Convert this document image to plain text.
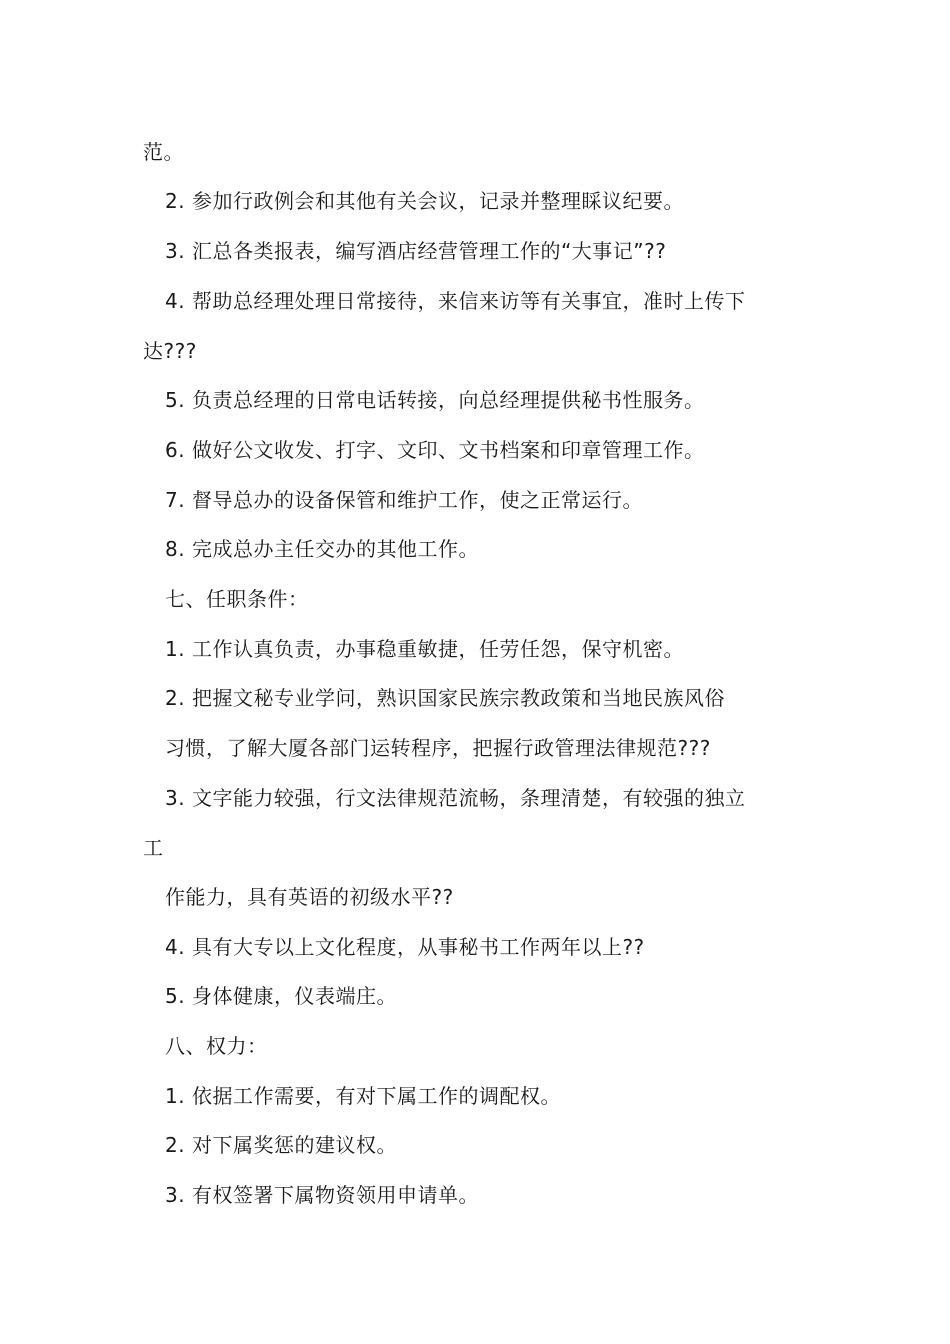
范。
2. 参加行政例会和其他有关会议，记录并整理睬议纪要。
3. 汇总各类报表，编写酒店经营管理工作的“大事记”??
4. 帮助总经理处理日常接待，来信来访等有关事宜，准时上传下
达???
5. 负责总经理的日常电话转接，向总经理提供秘书性服务。
6. 做好公文收发、打字、文印、文书档案和印章管理工作。
7. 督导总办的设备保管和维护工作，使之正常运行。
8. 完成总办主任交办的其他工作。
七、任职条件：
1. 工作认真负责，办事稳重敏捷，任劳任怨，保守机密。
2. 把握文秘专业学问，熟识国家民族宗教政策和当地民族风俗
习惯，了解大厦各部门运转程序，把握行政管理法律规范???
3. 文字能力较强，行文法律规范流畅，条理清楚，有较强的独立
工
作能力，具有英语的初级水平??
4. 具有大专以上文化程度，从事秘书工作两年以上??
5. 身体健康，仪表端庄。
八、权力：
1. 依据工作需要，有对下属工作的调配权。
2. 对下属奖惩的建议权。
3. 有权签署下属物资领用申请单。
